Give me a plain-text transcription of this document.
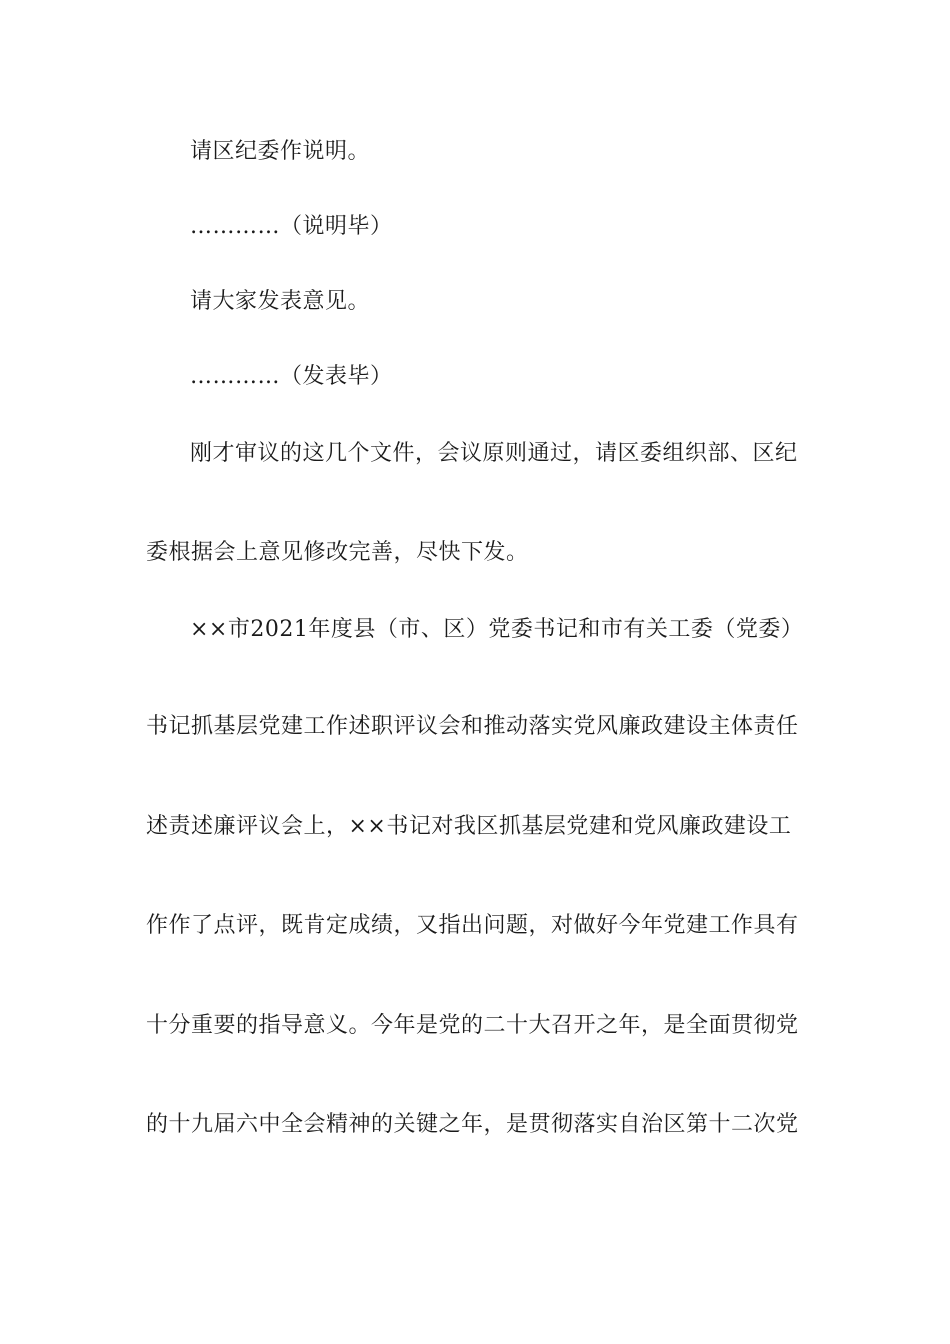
请区纪委作说明。
…………（说明毕）
请大家发表意见。
…………（发表毕）
刚才审议的这几个文件，会议原则通过，请区委组织部、区纪
委根据会上意见修改完善，尽快下发。
××市2021年度县（市、区）党委书记和市有关工委（党委）
书记抓基层党建工作述职评议会和推动落实党风廉政建设主体责任
述责述廉评议会上，××书记对我区抓基层党建和党风廉政建设工
作作了点评，既肯定成绩，又指出问题，对做好今年党建工作具有
十分重要的指导意义。今年是党的二十大召开之年，是全面贯彻党
的十九届六中全会精神的关键之年，是贯彻落实自治区第十二次党
